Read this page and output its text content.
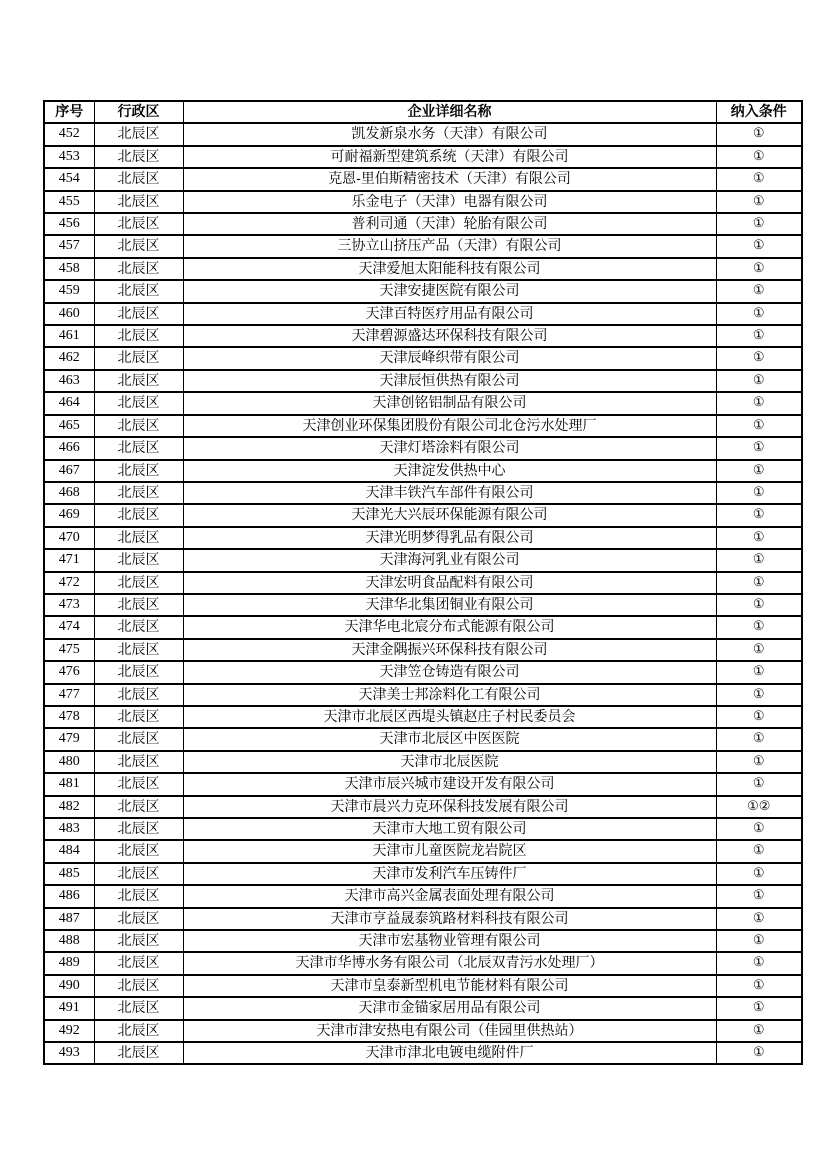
序号	行政区	企业详细名称	纳入条件
452	北辰区	凯发新泉水务（天津）有限公司	①
453	北辰区	可耐福新型建筑系统（天津）有限公司	①
454	北辰区	克恩-里伯斯精密技术（天津）有限公司	①
455	北辰区	乐金电子（天津）电器有限公司	①
456	北辰区	普利司通（天津）轮胎有限公司	①
457	北辰区	三协立山挤压产品（天津）有限公司	①
458	北辰区	天津爱旭太阳能科技有限公司	①
459	北辰区	天津安捷医院有限公司	①
460	北辰区	天津百特医疗用品有限公司	①
461	北辰区	天津碧源盛达环保科技有限公司	①
462	北辰区	天津辰峰织带有限公司	①
463	北辰区	天津辰恒供热有限公司	①
464	北辰区	天津创铭铝制品有限公司	①
465	北辰区	天津创业环保集团股份有限公司北仓污水处理厂	①
466	北辰区	天津灯塔涂料有限公司	①
467	北辰区	天津淀发供热中心	①
468	北辰区	天津丰铁汽车部件有限公司	①
469	北辰区	天津光大兴辰环保能源有限公司	①
470	北辰区	天津光明梦得乳品有限公司	①
471	北辰区	天津海河乳业有限公司	①
472	北辰区	天津宏明食品配料有限公司	①
473	北辰区	天津华北集团铜业有限公司	①
474	北辰区	天津华电北宸分布式能源有限公司	①
475	北辰区	天津金隅振兴环保科技有限公司	①
476	北辰区	天津笠仓铸造有限公司	①
477	北辰区	天津美士邦涂料化工有限公司	①
478	北辰区	天津市北辰区西堤头镇赵庄子村民委员会	①
479	北辰区	天津市北辰区中医医院	①
480	北辰区	天津市北辰医院	①
481	北辰区	天津市辰兴城市建设开发有限公司	①
482	北辰区	天津市晨兴力克环保科技发展有限公司	①②
483	北辰区	天津市大地工贸有限公司	①
484	北辰区	天津市儿童医院龙岩院区	①
485	北辰区	天津市发利汽车压铸件厂	①
486	北辰区	天津市高兴金属表面处理有限公司	①
487	北辰区	天津市亨益晟泰筑路材料科技有限公司	①
488	北辰区	天津市宏基物业管理有限公司	①
489	北辰区	天津市华博水务有限公司（北辰双青污水处理厂）	①
490	北辰区	天津市皇泰新型机电节能材料有限公司	①
491	北辰区	天津市金锚家居用品有限公司	①
492	北辰区	天津市津安热电有限公司（佳园里供热站）	①
493	北辰区	天津市津北电镀电缆附件厂	①
